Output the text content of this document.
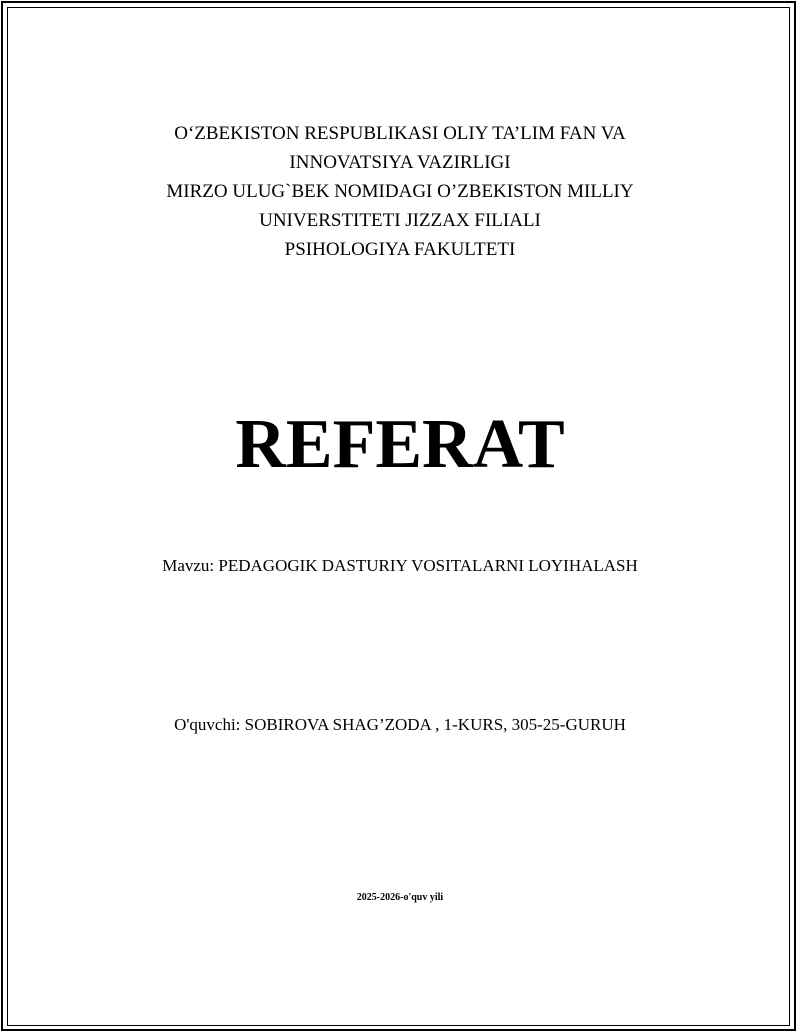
O‘ZBEKISTON RESPUBLIKASI OLIY TA’LIM FAN VA
INNOVATSIYA VAZIRLIGI
MIRZO ULUG`BEK NOMIDAGI O’ZBEKISTON MILLIY
UNIVERSTITETI JIZZAX FILIALI
PSIHOLOGIYA FAKULTETI
REFERAT
Mavzu: PEDAGOGIK DASTURIY VOSITALARNI LOYIHALASH
O'quvchi: SOBIROVA SHAG’ZODA , 1-KURS, 305-25-GURUH
2025-2026-o'quv yili
